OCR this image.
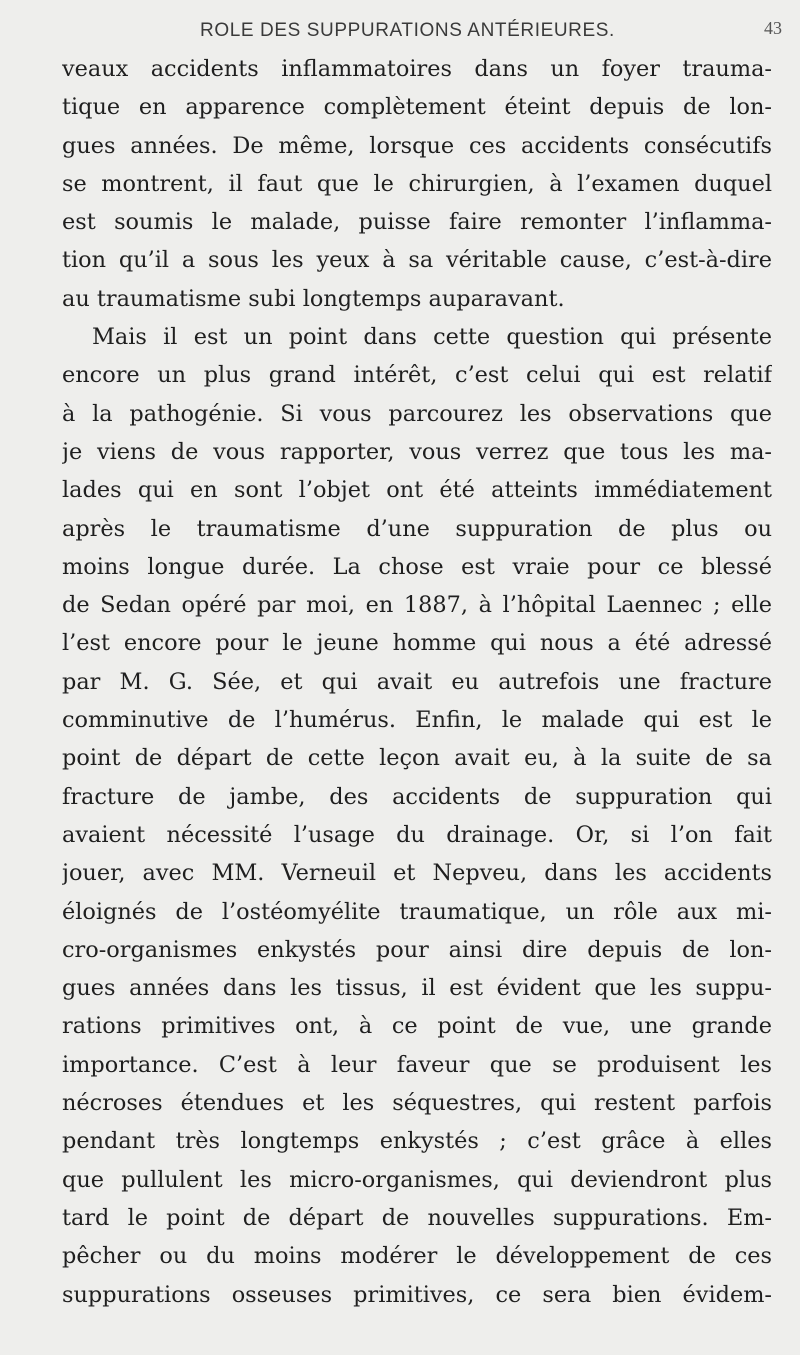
ROLE DES SUPPURATIONS ANTÉRIEURES.	43
veaux accidents inflammatoires dans un foyer trauma-
tique en apparence complètement éteint depuis de lon-
gues années. De même, lorsque ces accidents consécutifs
se montrent, il faut que le chirurgien, à l’examen duquel
est soumis le malade, puisse faire remonter l’inflamma-
tion qu’il a sous les yeux à sa véritable cause, c’est-à-dire
au traumatisme subi longtemps auparavant.
Mais il est un point dans cette question qui présente
encore un plus grand intérêt, c’est celui qui est relatif
à la pathogénie. Si vous parcourez les observations que
je viens de vous rapporter, vous verrez que tous les ma-
lades qui en sont l’objet ont été atteints immédiatement
après le traumatisme d’une suppuration de plus ou
moins longue durée. La chose est vraie pour ce blessé
de Sedan opéré par moi, en 1887, à l’hôpital Laennec ; elle
l’est encore pour le jeune homme qui nous a été adressé
par M. G. Sée, et qui avait eu autrefois une fracture
comminutive de l’humérus. Enfin, le malade qui est le
point de départ de cette leçon avait eu, à la suite de sa
fracture de jambe, des accidents de suppuration qui
avaient nécessité l’usage du drainage. Or, si l’on fait
jouer, avec MM. Verneuil et Nepveu, dans les accidents
éloignés de l’ostéomyélite traumatique, un rôle aux mi-
cro-organismes enkystés pour ainsi dire depuis de lon-
gues années dans les tissus, il est évident que les suppu-
rations primitives ont, à ce point de vue, une grande
importance. C’est à leur faveur que se produisent les
nécroses étendues et les séquestres, qui restent parfois
pendant très longtemps enkystés ; c’est grâce à elles
que pullulent les micro-organismes, qui deviendront plus
tard le point de départ de nouvelles suppurations. Em-
pêcher ou du moins modérer le développement de ces
suppurations osseuses primitives, ce sera bien évidem-
